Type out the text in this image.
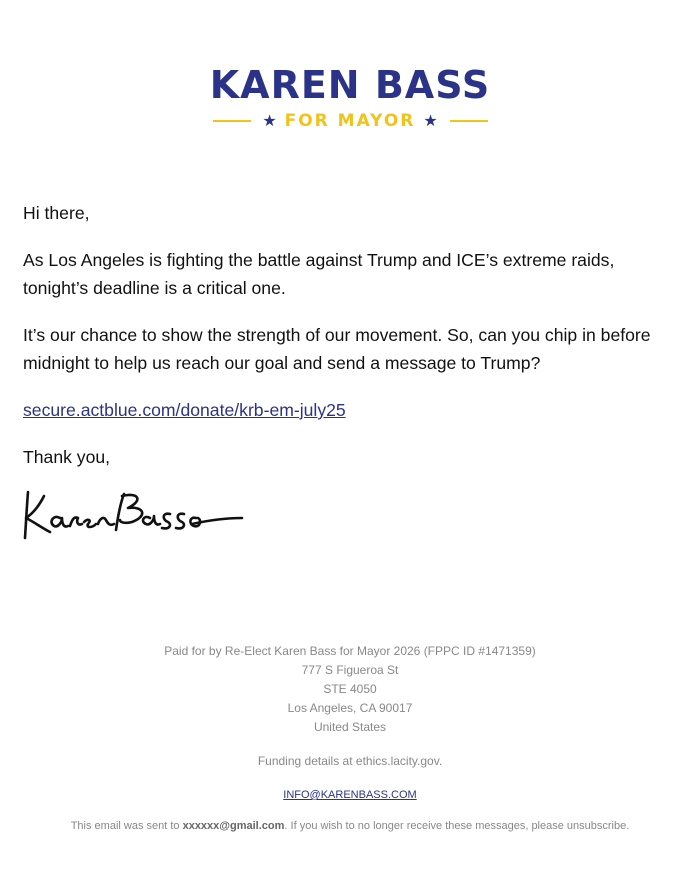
KAREN BASS
★ FOR MAYOR ★

Hi there,

As Los Angeles is fighting the battle against Trump and ICE’s extreme raids, tonight’s deadline is a critical one.

It’s our chance to show the strength of our movement. So, can you chip in before midnight to help us reach our goal and send a message to Trump?

secure.actblue.com/donate/krb-em-july25

Thank you,

Paid for by Re-Elect Karen Bass for Mayor 2026 (FPPC ID #1471359)

777 S Figueroa St

STE 4050

Los Angeles, CA 90017

United States

Funding details at ethics.lacity.gov.

INFO@KARENBASS.COM

This email was sent to xxxxxx@gmail.com. If you wish to no longer receive these messages, please unsubscribe.
